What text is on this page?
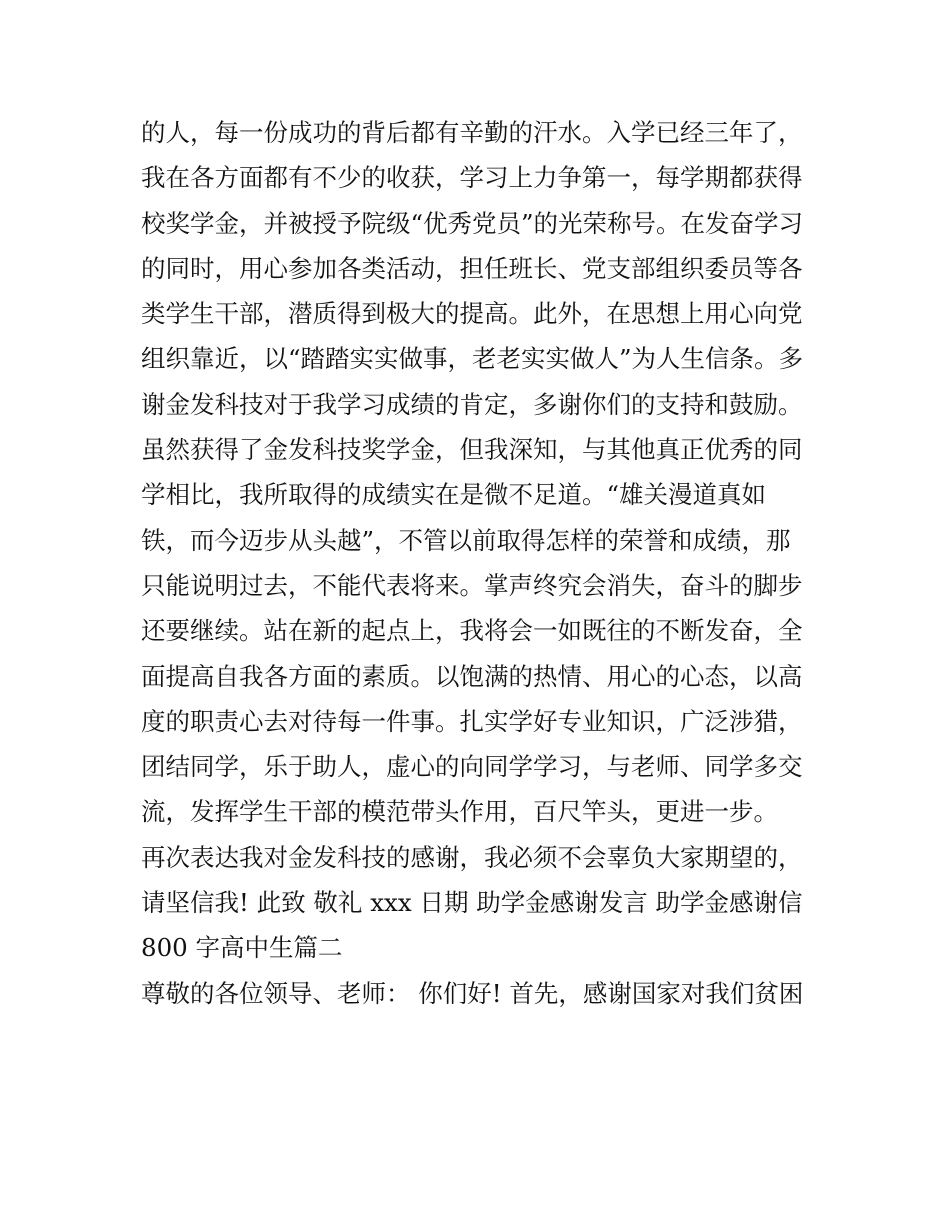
的人，每一份成功的背后都有辛勤的汗水。入学已经三年了，
我在各方面都有不少的收获，学习上力争第一，每学期都获得
校奖学金，并被授予院级“优秀党员”的光荣称号。在发奋学习
的同时，用心参加各类活动，担任班长、党支部组织委员等各
类学生干部，潜质得到极大的提高。此外，在思想上用心向党
组织靠近，以“踏踏实实做事，老老实实做人”为人生信条。多
谢金发科技对于我学习成绩的肯定，多谢你们的支持和鼓励。
虽然获得了金发科技奖学金，但我深知，与其他真正优秀的同
学相比，我所取得的成绩实在是微不足道。“雄关漫道真如
铁，而今迈步从头越”，不管以前取得怎样的荣誉和成绩，那
只能说明过去，不能代表将来。掌声终究会消失，奋斗的脚步
还要继续。站在新的起点上，我将会一如既往的不断发奋，全
面提高自我各方面的素质。以饱满的热情、用心的心态，以高
度的职责心去对待每一件事。扎实学好专业知识，广泛涉猎，
团结同学，乐于助人，虚心的向同学学习，与老师、同学多交
流，发挥学生干部的模范带头作用，百尺竿头，更进一步。
再次表达我对金发科技的感谢，我必须不会辜负大家期望的，
请坚信我! 此致 敬礼 xxx 日期 助学金感谢发言 助学金感谢信
800 字高中生篇二
尊敬的各位领导、老师： 你们好! 首先，感谢国家对我们贫困
